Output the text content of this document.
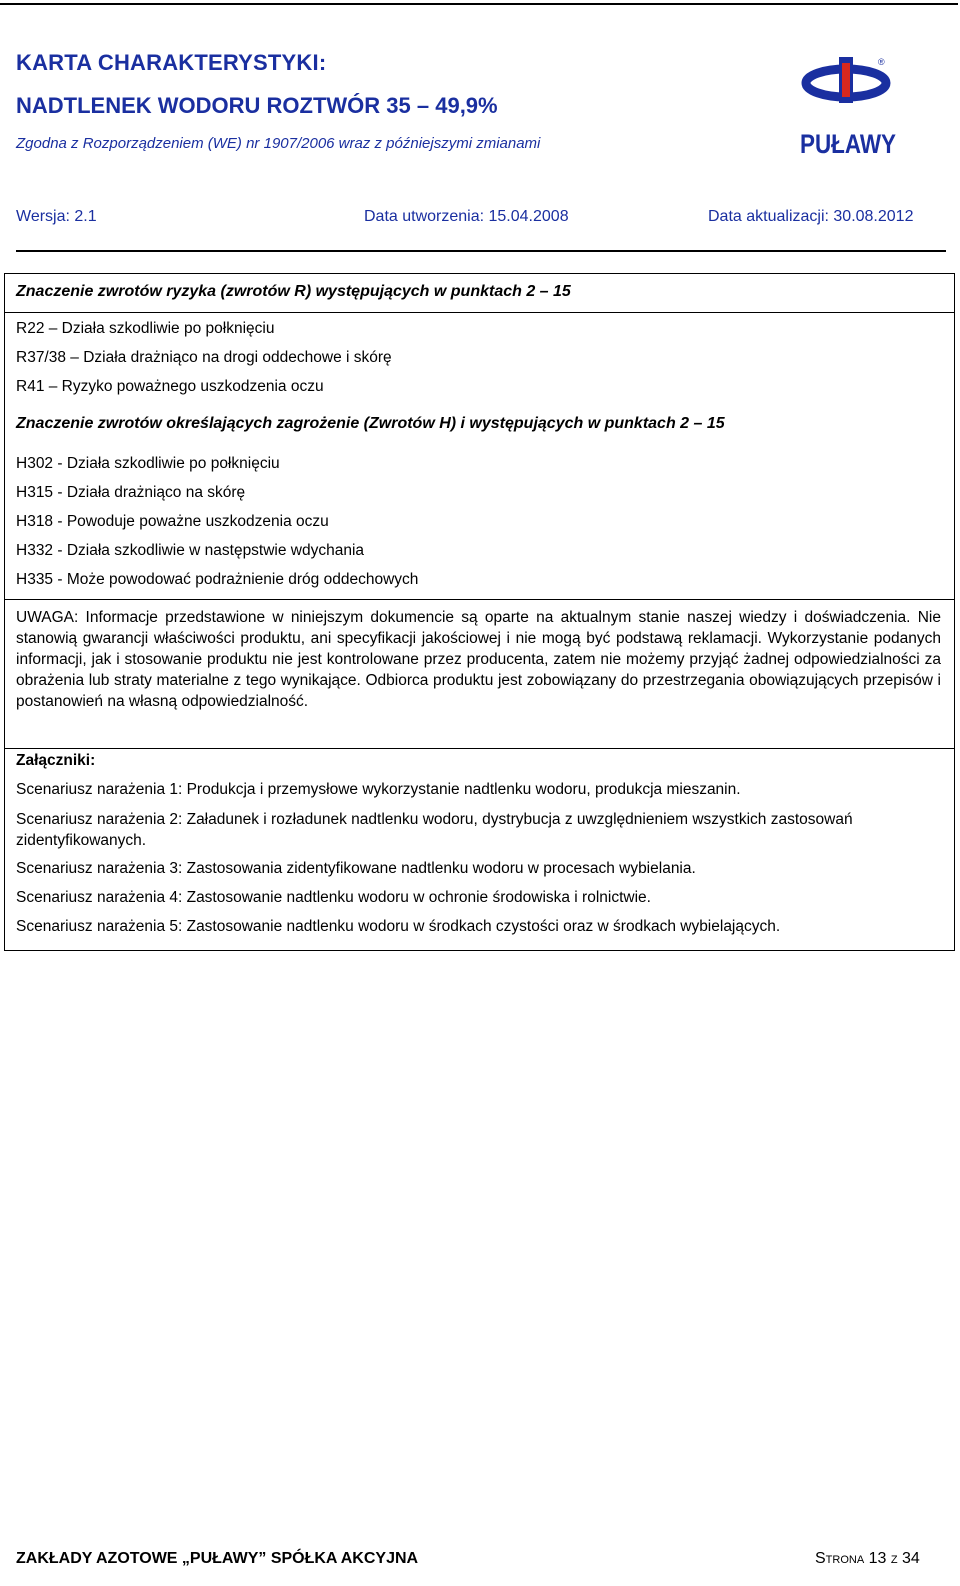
KARTA CHARAKTERYSTYKI:
NADTLENEK WODORU ROZTWÓR 35 – 49,9%
Zgodna z Rozporządzeniem (WE) nr 1907/2006 wraz z późniejszymi zmianami
®
PUŁAWY
Wersja: 2.1	Data utworzenia: 15.04.2008	Data aktualizacji: 30.08.2012
Znaczenie zwrotów ryzyka (zwrotów R) występujących w punktach 2 – 15
R22 – Działa szkodliwie po połknięciu
R37/38 – Działa drażniąco na drogi oddechowe i skórę
R41 – Ryzyko poważnego uszkodzenia oczu
Znaczenie zwrotów określających zagrożenie (Zwrotów H) i występujących w punktach 2 – 15
H302 - Działa szkodliwie po połknięciu
H315 - Działa drażniąco na skórę
H318 - Powoduje poważne uszkodzenia oczu
H332 - Działa szkodliwie w następstwie wdychania
H335 - Może powodować podrażnienie dróg oddechowych
UWAGA: Informacje przedstawione w niniejszym dokumencie są oparte na aktualnym stanie naszej wiedzy i doświadczenia. Nie stanowią gwarancji właściwości produktu, ani specyfikacji jakościowej i nie mogą być podstawą reklamacji. Wykorzystanie podanych informacji, jak i stosowanie produktu nie jest kontrolowane przez producenta, zatem nie możemy przyjąć żadnej odpowiedzialności za obrażenia lub straty materialne z tego wynikające. Odbiorca produktu jest zobowiązany do przestrzegania obowiązujących przepisów i postanowień na własną odpowiedzialność.
Załączniki:
Scenariusz narażenia 1: Produkcja i przemysłowe wykorzystanie nadtlenku wodoru, produkcja mieszanin.
Scenariusz narażenia 2: Załadunek i rozładunek nadtlenku wodoru, dystrybucja z uwzględnieniem wszystkich zastosowań zidentyfikowanych.
Scenariusz narażenia 3: Zastosowania zidentyfikowane nadtlenku wodoru w procesach wybielania.
Scenariusz narażenia 4: Zastosowanie nadtlenku wodoru w ochronie środowiska i rolnictwie.
Scenariusz narażenia 5: Zastosowanie nadtlenku wodoru w środkach czystości oraz w środkach wybielających.
ZAKŁADY AZOTOWE „PUŁAWY” SPÓŁKA AKCYJNA	Strona 13 z 34
